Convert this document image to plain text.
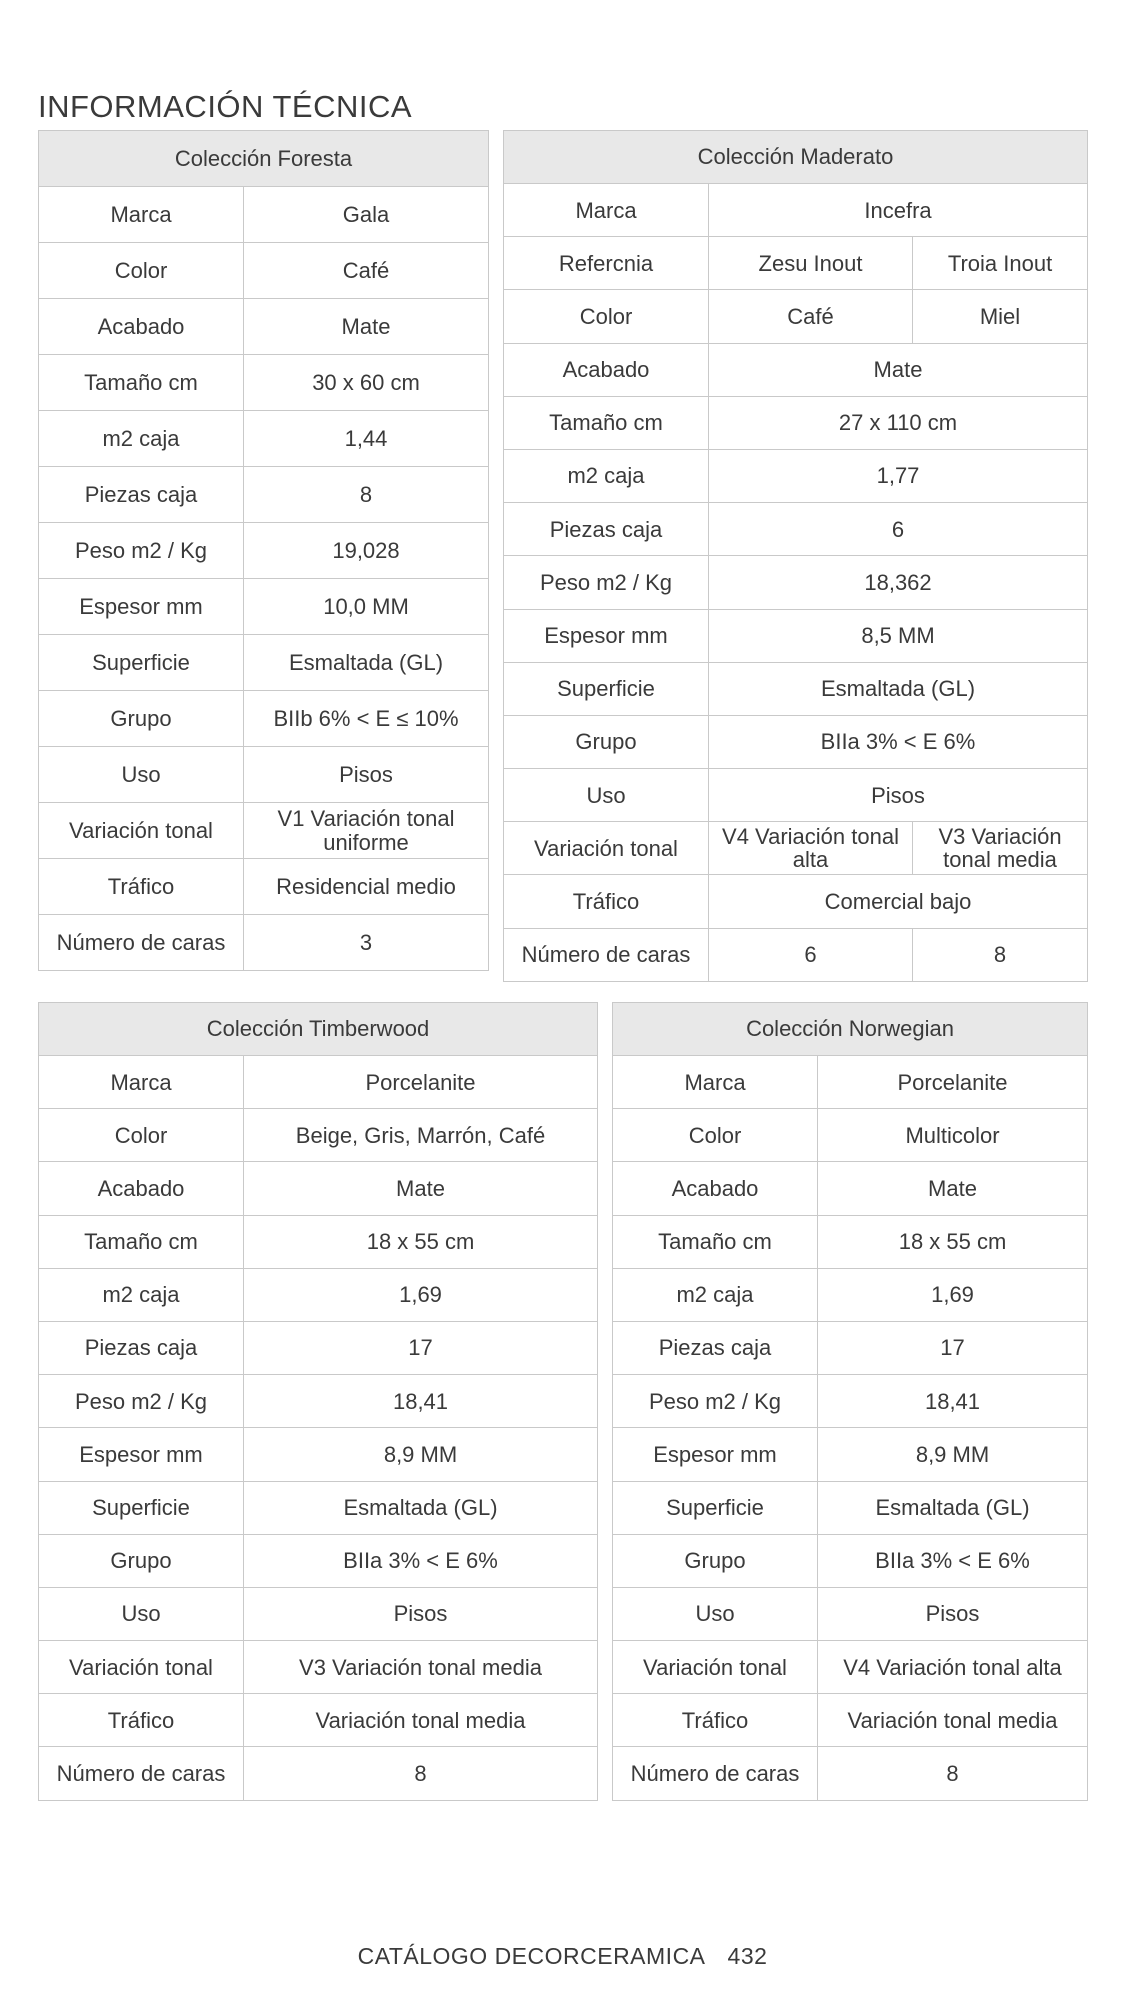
INFORMACIÓN TÉCNICA
Colección Foresta	
Marca	Gala
Color	Café
Acabado	Mate
Tamaño cm	30 x 60 cm
m2 caja	1,44
Piezas caja	8
Peso m2 / Kg	19,028
Espesor mm	10,0 MM
Superficie	Esmaltada (GL)
Grupo	BIIb 6% < E ≤ 10%
Uso	Pisos
Variación tonal	V1 Variación tonal uniforme
Tráfico	Residencial medio
Número de caras	3
Colección Maderato		
Marca	Incefra	
Refercnia	Zesu Inout	Troia Inout
Color	Café	Miel
Acabado	Mate	
Tamaño cm	27 x 110 cm	
m2 caja	1,77	
Piezas caja	6	
Peso m2 / Kg	18,362	
Espesor mm	8,5 MM	
Superficie	Esmaltada (GL)	
Grupo	BIIa 3% < E 6%	
Uso	Pisos	
Variación tonal	V4 Variación tonal alta	V3 Variación tonal media
Tráfico	Comercial bajo	
Número de caras	6	8
Colección Timberwood	
Marca	Porcelanite
Color	Beige, Gris, Marrón, Café
Acabado	Mate
Tamaño cm	18 x 55 cm
m2 caja	1,69
Piezas caja	17
Peso m2 / Kg	18,41
Espesor mm	8,9 MM
Superficie	Esmaltada (GL)
Grupo	BIIa 3% < E 6%
Uso	Pisos
Variación tonal	V3 Variación tonal media
Tráfico	Variación tonal media
Número de caras	8
Colección Norwegian	
Marca	Porcelanite
Color	Multicolor
Acabado	Mate
Tamaño cm	18 x 55 cm
m2 caja	1,69
Piezas caja	17
Peso m2 / Kg	18,41
Espesor mm	8,9 MM
Superficie	Esmaltada (GL)
Grupo	BIIa 3% < E 6%
Uso	Pisos
Variación tonal	V4 Variación tonal alta
Tráfico	Variación tonal media
Número de caras	8
CATÁLOGO DECORCERAMICA 432
